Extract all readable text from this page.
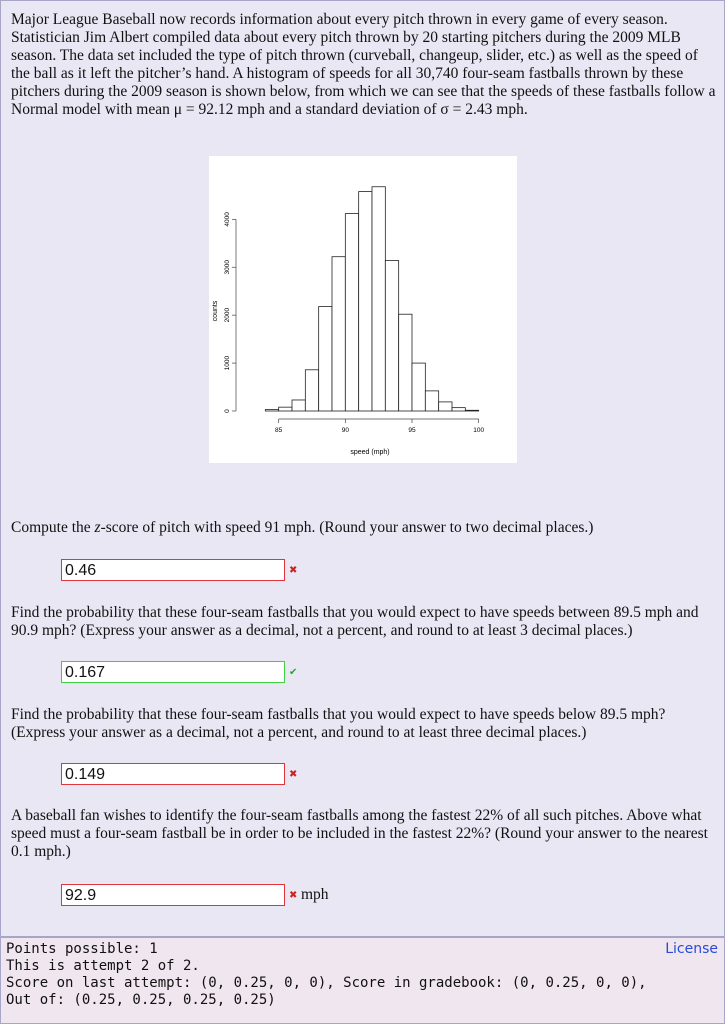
Major League Baseball now records information about every pitch thrown in every game of every season. Statistician Jim Albert compiled data about every pitch thrown by 20 starting pitchers during the 2009 MLB season. The data set included the type of pitch thrown (curveball, changeup, slider, etc.) as well as the speed of the ball as it left the pitcher’s hand. A histogram of speeds for all 30,740 four-seam fastballs thrown by these pitchers during the 2009 season is shown below, from which we can see that the speeds of these fastballs follow a Normal model with mean μ = 92.12 mph and a standard deviation of σ = 2.43 mph.
85	90	95	100
0
1000
2000
3000
4000
counts
speed (mph)
Compute the z-score of pitch with speed 91 mph. (Round your answer to two decimal places.)
0.46	✖
Find the probability that these four-seam fastballs that you would expect to have speeds between 89.5 mph and 90.9 mph? (Express your answer as a decimal, not a percent, and round to at least 3 decimal places.)
0.167	✔
Find the probability that these four-seam fastballs that you would expect to have speeds below 89.5 mph? (Express your answer as a decimal, not a percent, and round to at least three decimal places.)
0.149	✖
A baseball fan wishes to identify the four-seam fastballs among the fastest 22% of all such pitches. Above what speed must a four-seam fastball be in order to be included in the fastest 22%? (Round your answer to the nearest 0.1 mph.)
92.9	✖ mph
Points possible: 1
This is attempt 2 of 2.
Score on last attempt: (0, 0.25, 0, 0), Score in gradebook: (0, 0.25, 0, 0), Out of: (0.25, 0.25, 0.25, 0.25)
License
